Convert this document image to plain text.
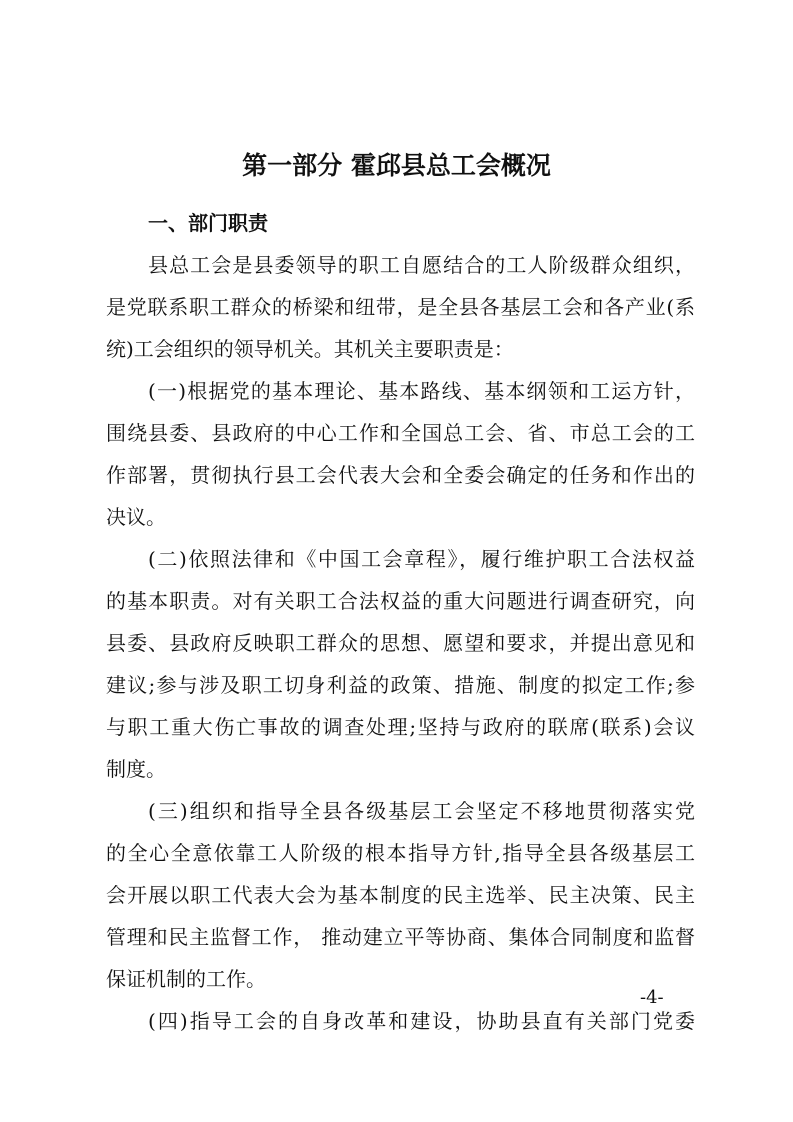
第一部分 霍邱县总工会概况
一、部门职责
县总工会是县委领导的职工自愿结合的工人阶级群众组织，
是党联系职工群众的桥梁和纽带，是全县各基层工会和各产业(系
统)工会组织的领导机关。其机关主要职责是：
(一)根据党的基本理论、基本路线、基本纲领和工运方针，
围绕县委、县政府的中心工作和全国总工会、省、市总工会的工
作部署，贯彻执行县工会代表大会和全委会确定的任务和作出的
决议。
(二)依照法律和《中国工会章程》，履行维护职工合法权益
的基本职责。对有关职工合法权益的重大问题进行调查研究，向
县委、县政府反映职工群众的思想、愿望和要求，并提出意见和
建议;参与涉及职工切身利益的政策、措施、制度的拟定工作;参
与职工重大伤亡事故的调查处理;坚持与政府的联席(联系)会议
制度。
(三)组织和指导全县各级基层工会坚定不移地贯彻落实党
的全心全意依靠工人阶级的根本指导方针,指导全县各级基层工
会开展以职工代表大会为基本制度的民主选举、民主决策、民主
管理和民主监督工作， 推动建立平等协商、集体合同制度和监督
保证机制的工作。
(四)指导工会的自身改革和建设，协助县直有关部门党委
-4-
